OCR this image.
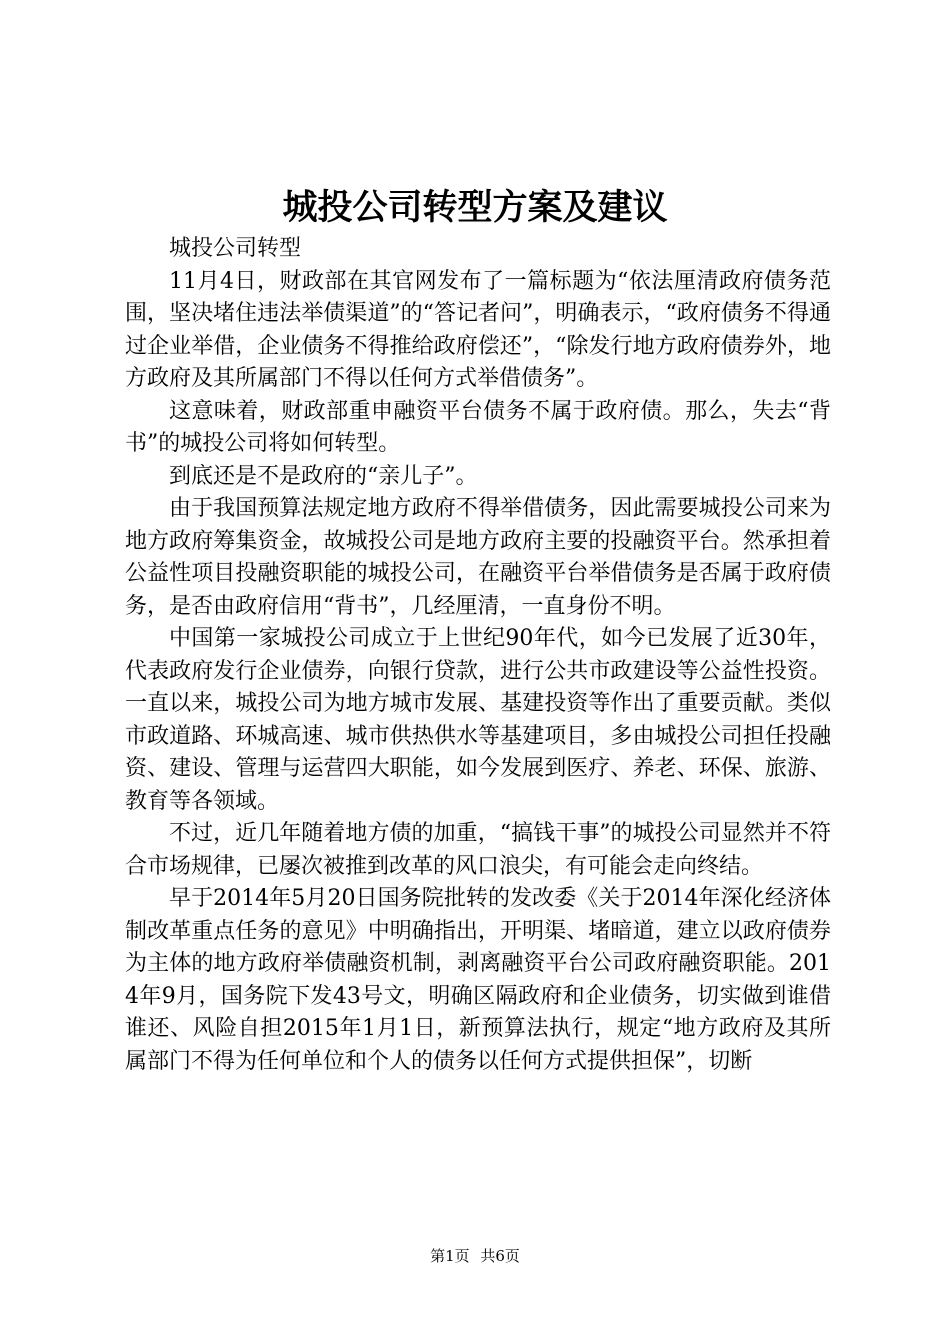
城投公司转型方案及建议

城投公司转型

11月4日，财政部在其官网发布了一篇标题为“依法厘清政府债务范围，坚决堵住违法举债渠道”的“答记者问”，明确表示，“政府债务不得通过企业举借，企业债务不得推给政府偿还”，“除发行地方政府债券外，地方政府及其所属部门不得以任何方式举借债务”。

这意味着，财政部重申融资平台债务不属于政府债。那么，失去“背书”的城投公司将如何转型。

到底还是不是政府的“亲儿子”。

由于我国预算法规定地方政府不得举借债务，因此需要城投公司来为地方政府筹集资金，故城投公司是地方政府主要的投融资平台。然承担着公益性项目投融资职能的城投公司，在融资平台举借债务是否属于政府债务，是否由政府信用“背书”，几经厘清，一直身份不明。

中国第一家城投公司成立于上世纪90年代，如今已发展了近30年，代表政府发行企业债券，向银行贷款，进行公共市政建设等公益性投资。一直以来，城投公司为地方城市发展、基建投资等作出了重要贡献。类似市政道路、环城高速、城市供热供水等基建项目，多由城投公司担任投融资、建设、管理与运营四大职能，如今发展到医疗、养老、环保、旅游、教育等各领域。

不过，近几年随着地方债的加重，“搞钱干事”的城投公司显然并不符合市场规律，已屡次被推到改革的风口浪尖，有可能会走向终结。

早于2014年5月20日国务院批转的发改委《关于2014年深化经济体制改革重点任务的意见》中明确指出，开明渠、堵暗道，建立以政府债券为主体的地方政府举债融资机制，剥离融资平台公司政府融资职能。2014年9月，国务院下发43号文，明确区隔政府和企业债务，切实做到谁借谁还、风险自担2015年1月1日，新预算法执行，规定“地方政府及其所属部门不得为任何单位和个人的债务以任何方式提供担保”，切断

第1页 共6页
